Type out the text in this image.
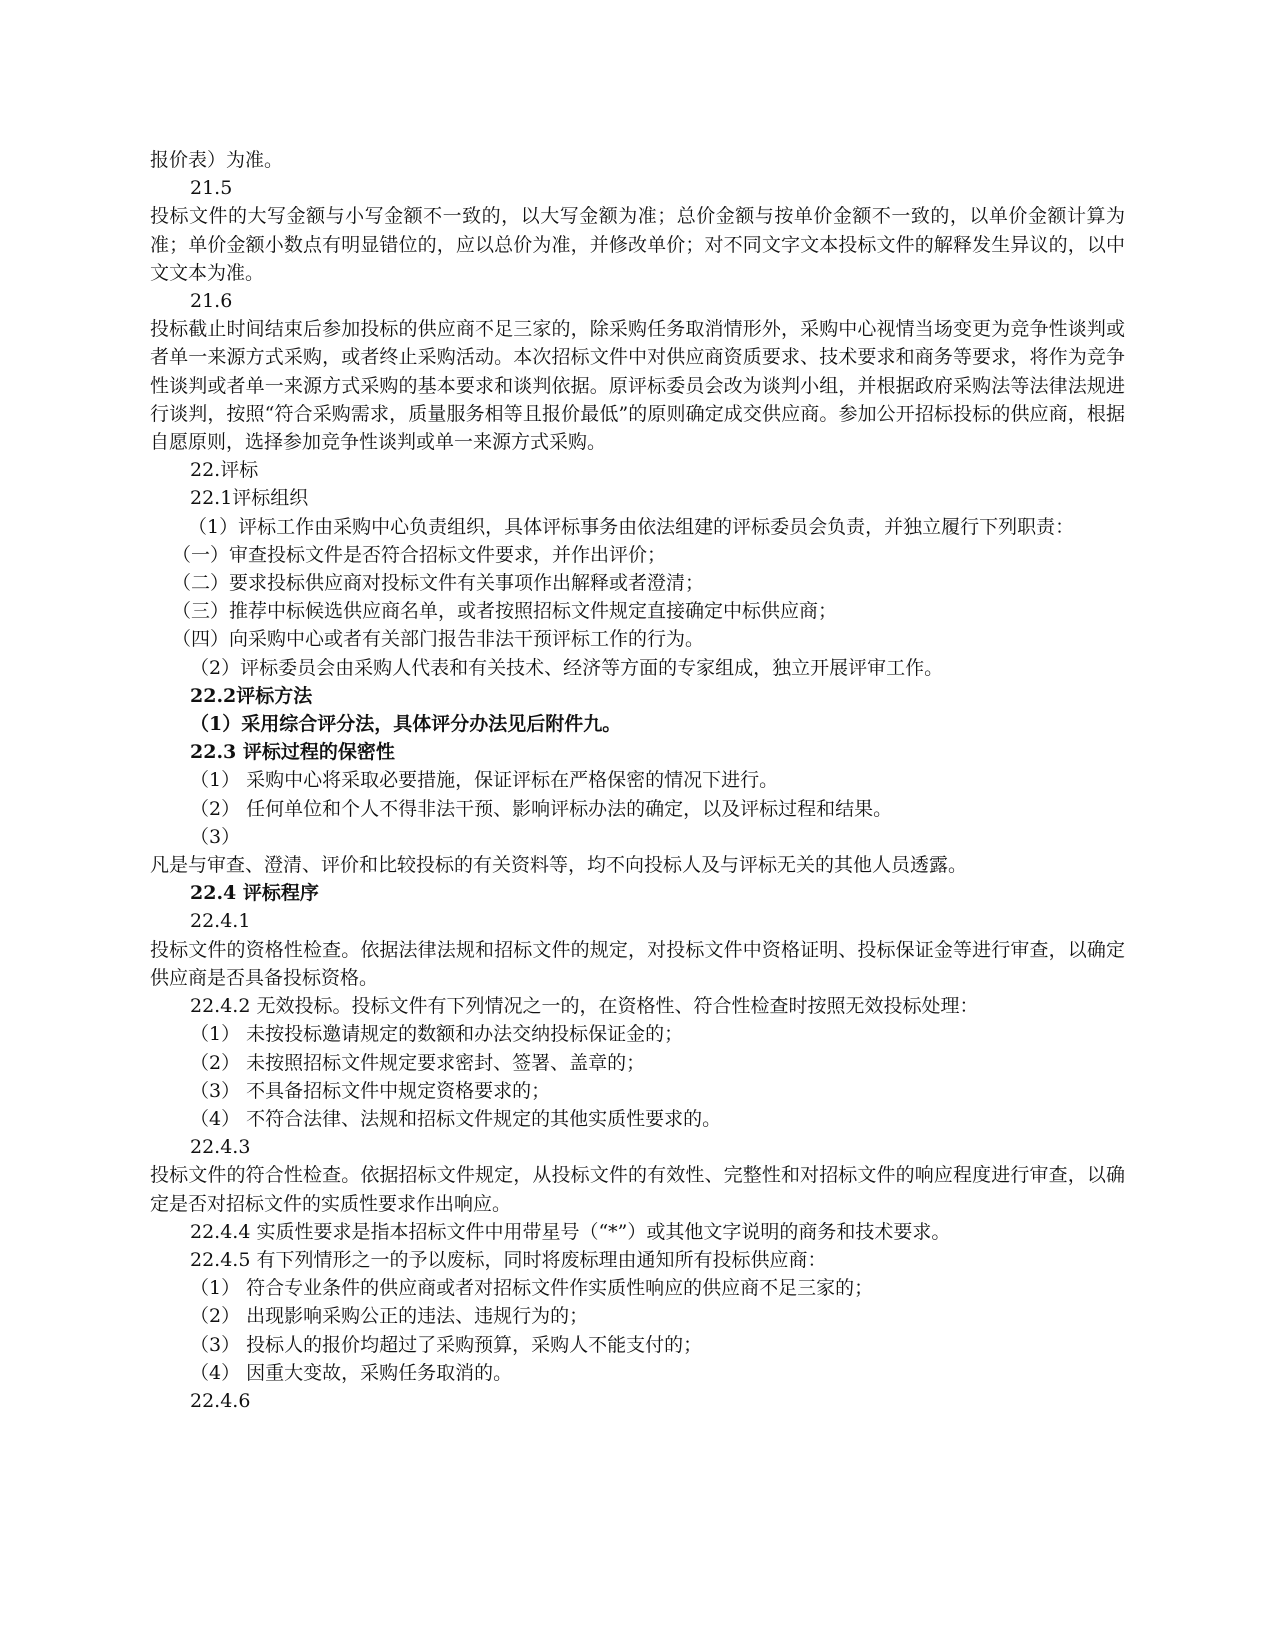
报价表）为准。

21.5

投标文件的大写金额与小写金额不一致的，以大写金额为准；总价金额与按单价金额不一致的，以单价金额计算为准；单价金额小数点有明显错位的，应以总价为准，并修改单价；对不同文字文本投标文件的解释发生异议的，以中文文本为准。

21.6

投标截止时间结束后参加投标的供应商不足三家的，除采购任务取消情形外，采购中心视情当场变更为竞争性谈判或者单一来源方式采购，或者终止采购活动。本次招标文件中对供应商资质要求、技术要求和商务等要求，将作为竞争性谈判或者单一来源方式采购的基本要求和谈判依据。原评标委员会改为谈判小组，并根据政府采购法等法律法规进行谈判，按照“符合采购需求，质量服务相等且报价最低”的原则确定成交供应商。参加公开招标投标的供应商，根据自愿原则，选择参加竞争性谈判或单一来源方式采购。

22.评标

22.1评标组织

（1）评标工作由采购中心负责组织，具体评标事务由依法组建的评标委员会负责，并独立履行下列职责：

（一）审查投标文件是否符合招标文件要求，并作出评价；

（二）要求投标供应商对投标文件有关事项作出解释或者澄清；

（三）推荐中标候选供应商名单，或者按照招标文件规定直接确定中标供应商；

（四）向采购中心或者有关部门报告非法干预评标工作的行为。

（2）评标委员会由采购人代表和有关技术、经济等方面的专家组成，独立开展评审工作。

22.2评标方法

（1）采用综合评分法，具体评分办法见后附件九。

22.3 评标过程的保密性

（1） 采购中心将采取必要措施，保证评标在严格保密的情况下进行。

（2） 任何单位和个人不得非法干预、影响评标办法的确定，以及评标过程和结果。

（3）

凡是与审查、澄清、评价和比较投标的有关资料等，均不向投标人及与评标无关的其他人员透露。

22.4 评标程序

22.4.1

投标文件的资格性检查。依据法律法规和招标文件的规定，对投标文件中资格证明、投标保证金等进行审查，以确定供应商是否具备投标资格。

22.4.2 无效投标。投标文件有下列情况之一的，在资格性、符合性检查时按照无效投标处理：

（1） 未按投标邀请规定的数额和办法交纳投标保证金的；

（2） 未按照招标文件规定要求密封、签署、盖章的；

（3） 不具备招标文件中规定资格要求的；

（4） 不符合法律、法规和招标文件规定的其他实质性要求的。

22.4.3

投标文件的符合性检查。依据招标文件规定，从投标文件的有效性、完整性和对招标文件的响应程度进行审查，以确定是否对招标文件的实质性要求作出响应。

22.4.4 实质性要求是指本招标文件中用带星号（“*”）或其他文字说明的商务和技术要求。

22.4.5 有下列情形之一的予以废标，同时将废标理由通知所有投标供应商：

（1） 符合专业条件的供应商或者对招标文件作实质性响应的供应商不足三家的；

（2） 出现影响采购公正的违法、违规行为的；

（3） 投标人的报价均超过了采购预算，采购人不能支付的；

（4） 因重大变故，采购任务取消的。

22.4.6
